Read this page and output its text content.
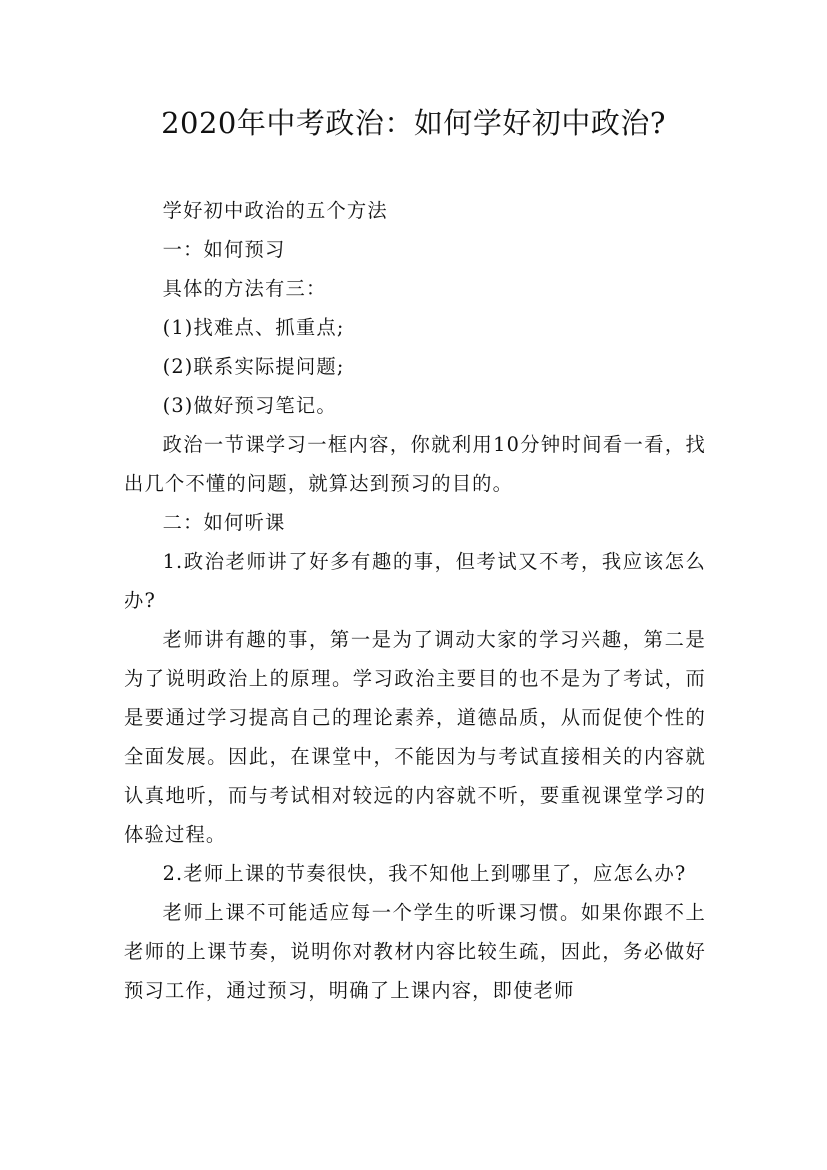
2020年中考政治：如何学好初中政治?

学好初中政治的五个方法

一：如何预习

具体的方法有三：

(1)找难点、抓重点;

(2)联系实际提问题;

(3)做好预习笔记。

政治一节课学习一框内容，你就利用10分钟时间看一看，找出几个不懂的问题，就算达到预习的目的。

二：如何听课

1.政治老师讲了好多有趣的事，但考试又不考，我应该怎么办?

老师讲有趣的事，第一是为了调动大家的学习兴趣，第二是为了说明政治上的原理。学习政治主要目的也不是为了考试，而是要通过学习提高自己的理论素养，道德品质，从而促使个性的全面发展。因此，在课堂中，不能因为与考试直接相关的内容就认真地听，而与考试相对较远的内容就不听，要重视课堂学习的体验过程。

2.老师上课的节奏很快，我不知他上到哪里了，应怎么办?

老师上课不可能适应每一个学生的听课习惯。如果你跟不上老师的上课节奏，说明你对教材内容比较生疏，因此，务必做好预习工作，通过预习，明确了上课内容，即使老师
